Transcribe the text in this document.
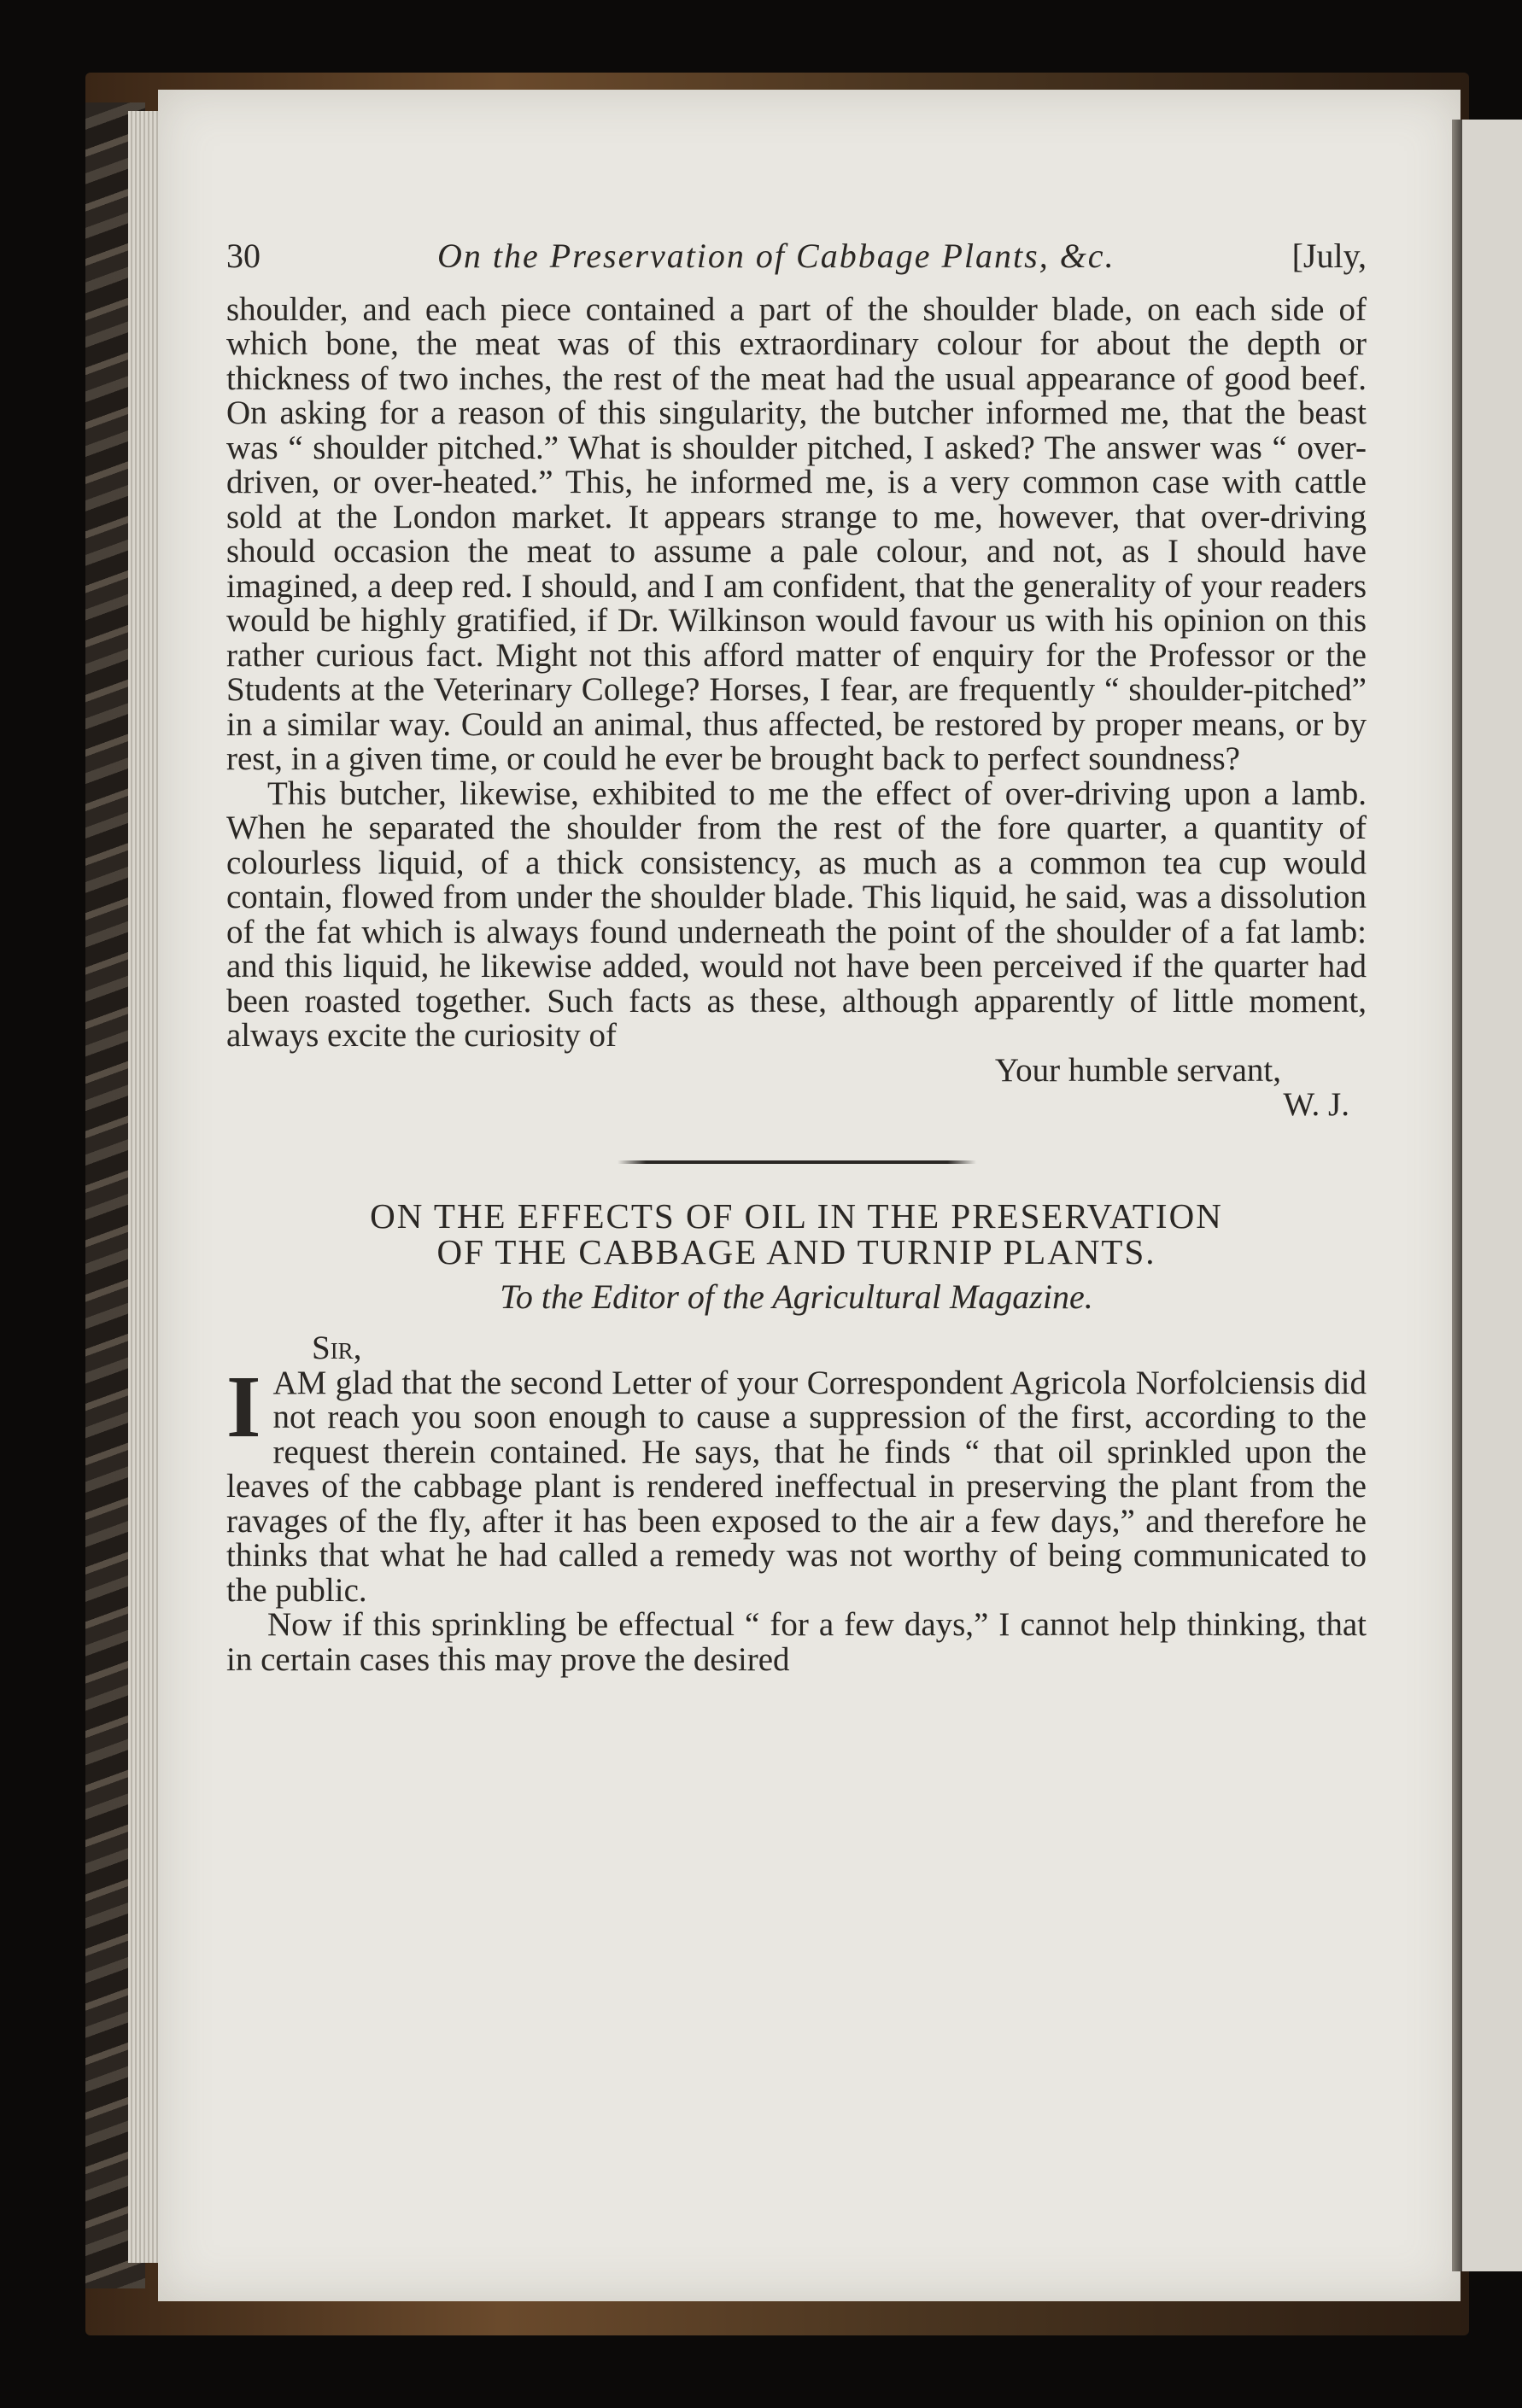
30	On the Preservation of Cabbage Plants, &c.	[July,

shoulder, and each piece contained a part of the shoulder blade, on each side of which bone, the meat was of this extraordinary colour for about the depth or thickness of two inches, the rest of the meat had the usual appearance of good beef. On asking for a reason of this singularity, the butcher informed me, that the beast was “ shoulder pitched.” What is shoulder pitched, I asked? The answer was “ over-driven, or over-heated.” This, he informed me, is a very common case with cattle sold at the London market. It appears strange to me, however, that over-driving should occasion the meat to assume a pale colour, and not, as I should have imagined, a deep red. I should, and I am confident, that the generality of your readers would be highly gratified, if Dr. Wilkinson would favour us with his opinion on this rather curious fact. Might not this afford matter of enquiry for the Professor or the Students at the Veterinary College? Horses, I fear, are frequently “ shoulder-pitched” in a similar way. Could an animal, thus affected, be restored by proper means, or by rest, in a given time, or could he ever be brought back to perfect soundness?

This butcher, likewise, exhibited to me the effect of over-driving upon a lamb. When he separated the shoulder from the rest of the fore quarter, a quantity of colourless liquid, of a thick consistency, as much as a common tea cup would contain, flowed from under the shoulder blade. This liquid, he said, was a dissolution of the fat which is always found underneath the point of the shoulder of a fat lamb: and this liquid, he likewise added, would not have been perceived if the quarter had been roasted together. Such facts as these, although apparently of little moment, always excite the curiosity of

Your humble servant,

W. J.

ON THE EFFECTS OF OIL IN THE PRESERVATION

OF THE CABBAGE AND TURNIP PLANTS.

To the Editor of the Agricultural Magazine.

Sir,

IAM glad that the second Letter of your Correspondent Agricola Norfolciensis did not reach you soon enough to cause a suppression of the first, according to the request therein contained. He says, that he finds “ that oil sprinkled upon the leaves of the cabbage plant is rendered ineffectual in preserving the plant from the ravages of the fly, after it has been exposed to the air a few days,” and therefore he thinks that what he had called a remedy was not worthy of being communicated to the public.

Now if this sprinkling be effectual “ for a few days,” I cannot help thinking, that in certain cases this may prove the desired
